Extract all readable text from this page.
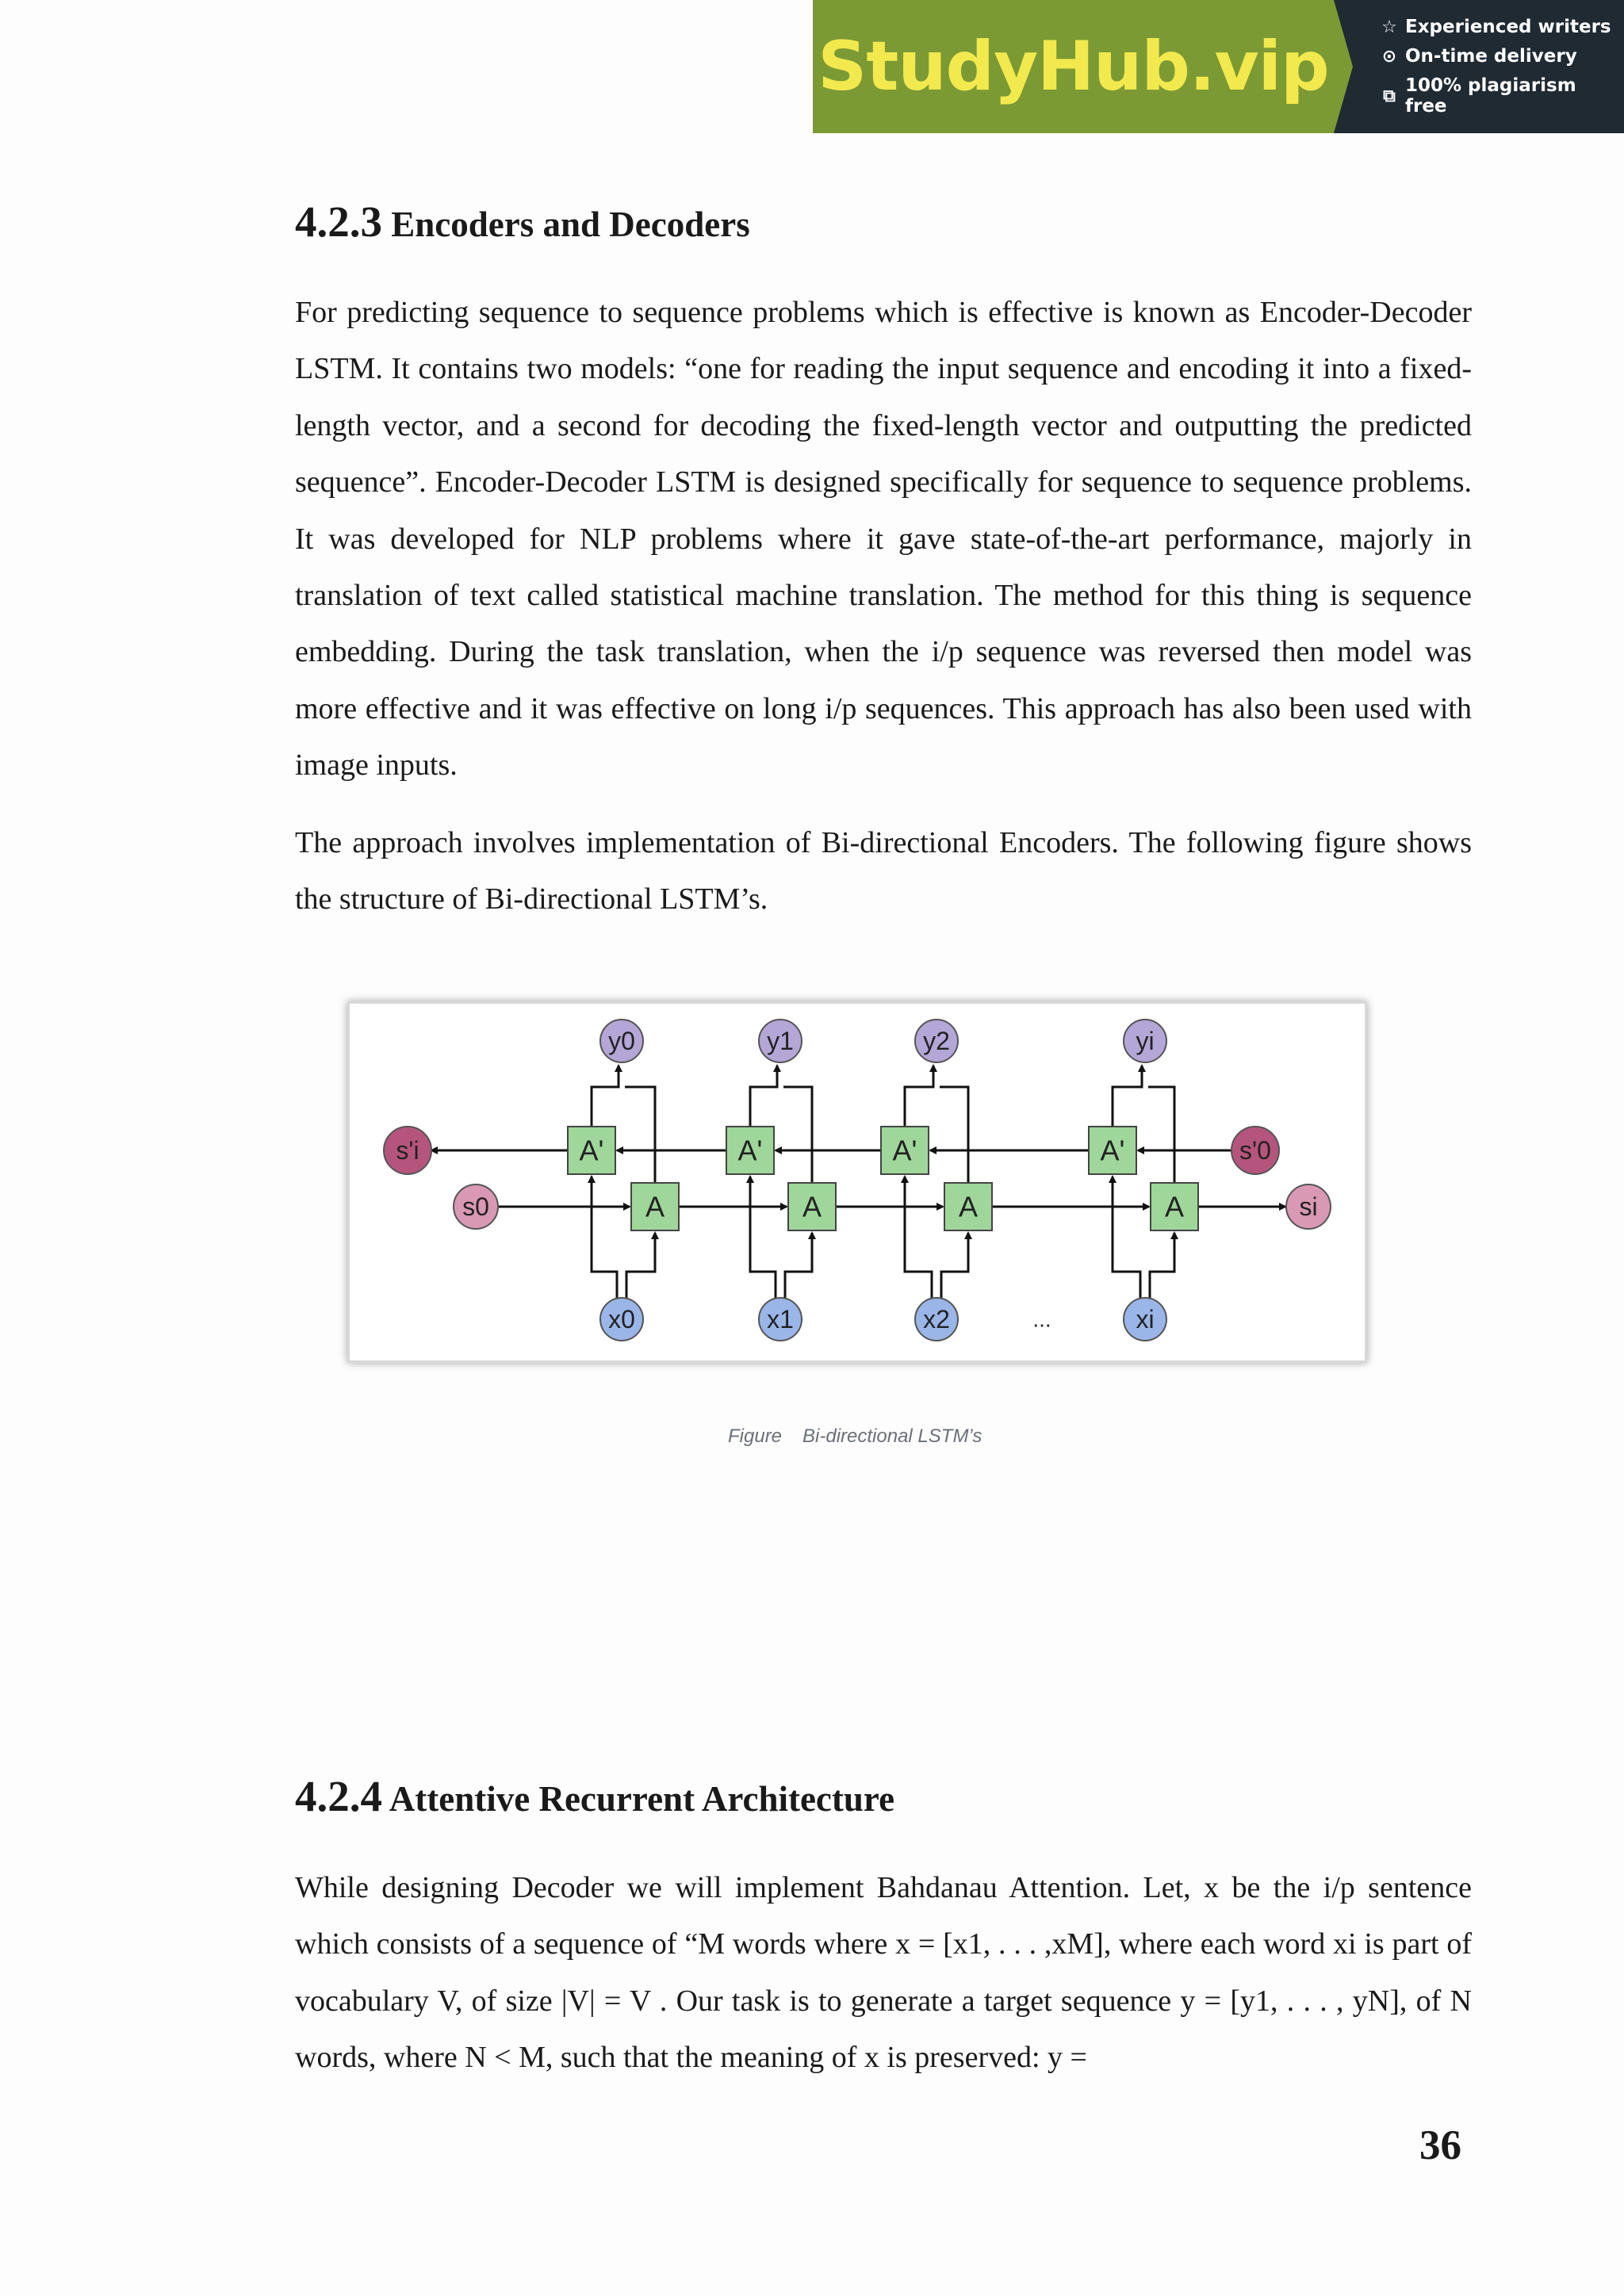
StudyHub.vip	☆ Experienced writers
⊙ On-time delivery
⧉ 100% plagiarism free
4.2.3 Encoders and Decoders

For predicting sequence to sequence problems which is effective is known as Encoder-Decoder LSTM. It contains two models: “one for reading the input sequence and encoding it into a fixed-length vector, and a second for decoding the fixed-length vector and outputting the predicted sequence”. Encoder-Decoder LSTM is designed specifically for sequence to sequence problems. It was developed for NLP problems where it gave state-of-the-art performance, majorly in translation of text called statistical machine translation. The method for this thing is sequence embedding. During the task translation, when the i/p sequence was reversed then model was more effective and it was effective on long i/p sequences. This approach has also been used with image inputs.

The approach involves implementation of Bi-directional Encoders. The following figure shows the structure of Bi-directional LSTM’s.

y0
A'
A
x0
y1
A'
A
x1
y2
A'
A
x2
yi
A'
A
xi
s'i	s'0
s0	si
...
Figure Bi-directional LSTM’s
4.2.4 Attentive Recurrent Architecture

While designing Decoder we will implement Bahdanau Attention. Let, x be the i/p sentence which consists of a sequence of “M words where x = [x1, . . . ,xM], where each word xi is part of vocabulary V, of size |V| = V . Our task is to generate a target sequence y = [y1, . . . , yN], of N words, where N < M, such that the meaning of x is preserved: y =

36
